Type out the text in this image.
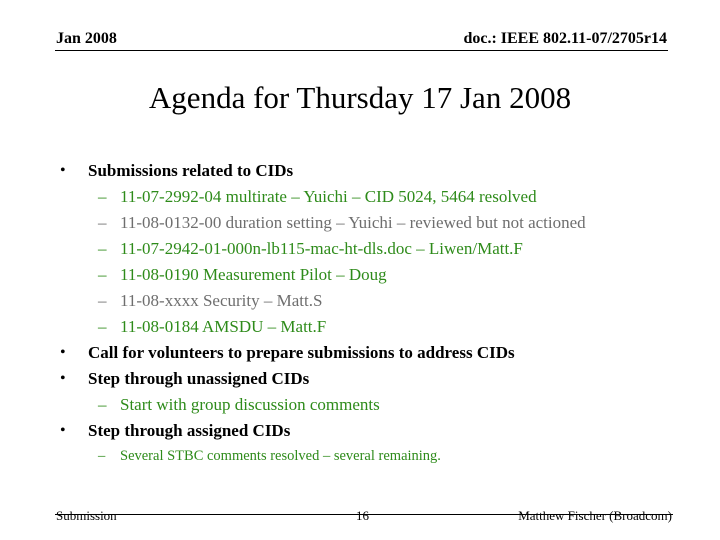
Jan 2008	doc.: IEEE 802.11-07/2705r14
Agenda for Thursday 17 Jan 2008
• Submissions related to CIDs
– 11-07-2992-04 multirate – Yuichi – CID 5024, 5464 resolved
– 11-08-0132-00 duration setting – Yuichi – reviewed but not actioned
– 11-07-2942-01-000n-lb115-mac-ht-dls.doc – Liwen/Matt.F
– 11-08-0190 Measurement Pilot – Doug
– 11-08-xxxx Security – Matt.S
– 11-08-0184 AMSDU – Matt.F
• Call for volunteers to prepare submissions to address CIDs
• Step through unassigned CIDs
– Start with group discussion comments
• Step through assigned CIDs
– Several STBC comments resolved – several remaining.
Submission	16	Matthew Fischer (Broadcom)
